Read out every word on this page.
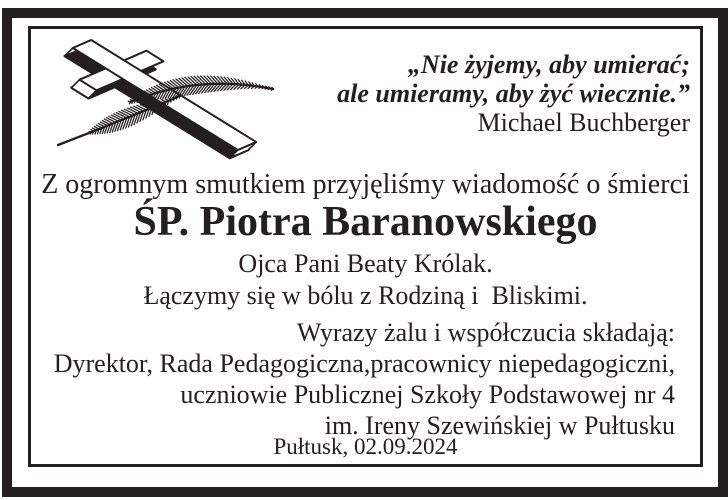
„Nie żyjemy, aby umierać;
ale umieramy, aby żyć wiecznie.”
Michael Buchberger
Z ogromnym smutkiem przyjęliśmy wiadomość o śmierci
ŚP. Piotra Baranowskiego
Ojca Pani Beaty Królak.
Łączymy się w bólu z Rodziną i  Bliskimi.
Wyrazy żalu i współczucia składają:
Dyrektor, Rada Pedagogiczna,pracownicy niepedagogiczni,
uczniowie Publicznej Szkoły Podstawowej nr 4
im. Ireny Szewińskiej w Pułtusku
Pułtusk, 02.09.2024
